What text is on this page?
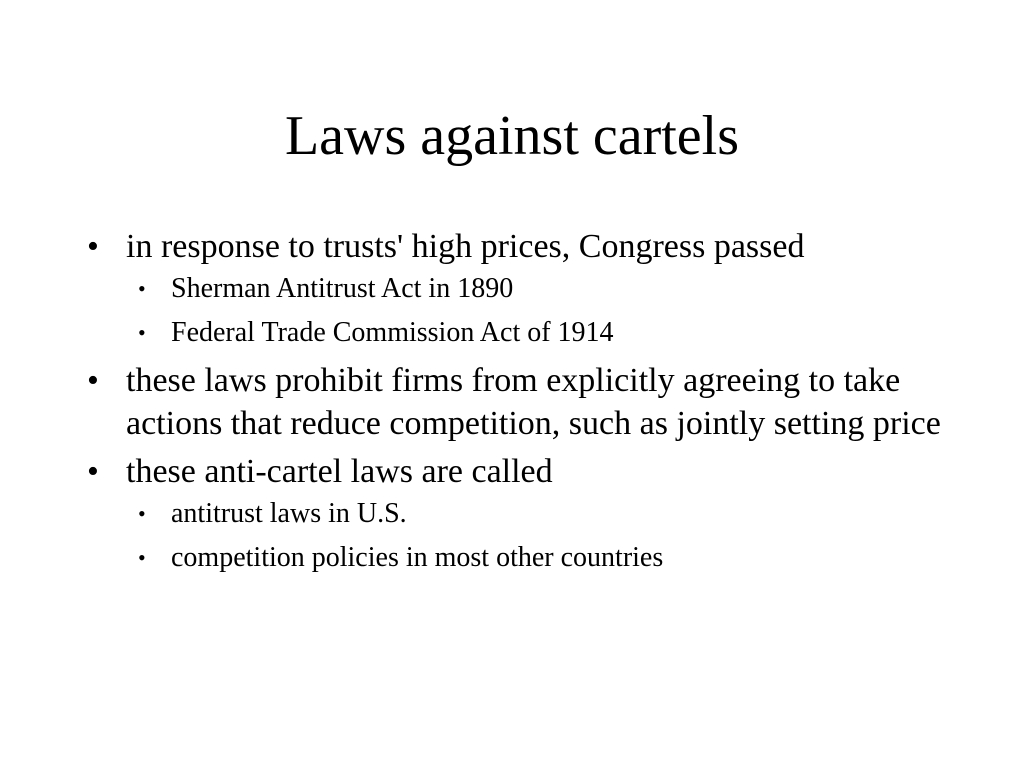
Laws against cartels
• in response to trusts' high prices, Congress passed
• Sherman Antitrust Act in 1890
• Federal Trade Commission Act of 1914
• these laws prohibit firms from explicitly agreeing to take actions that reduce competition, such as jointly setting price
• these anti-cartel laws are called
• antitrust laws in U.S.
• competition policies in most other countries
